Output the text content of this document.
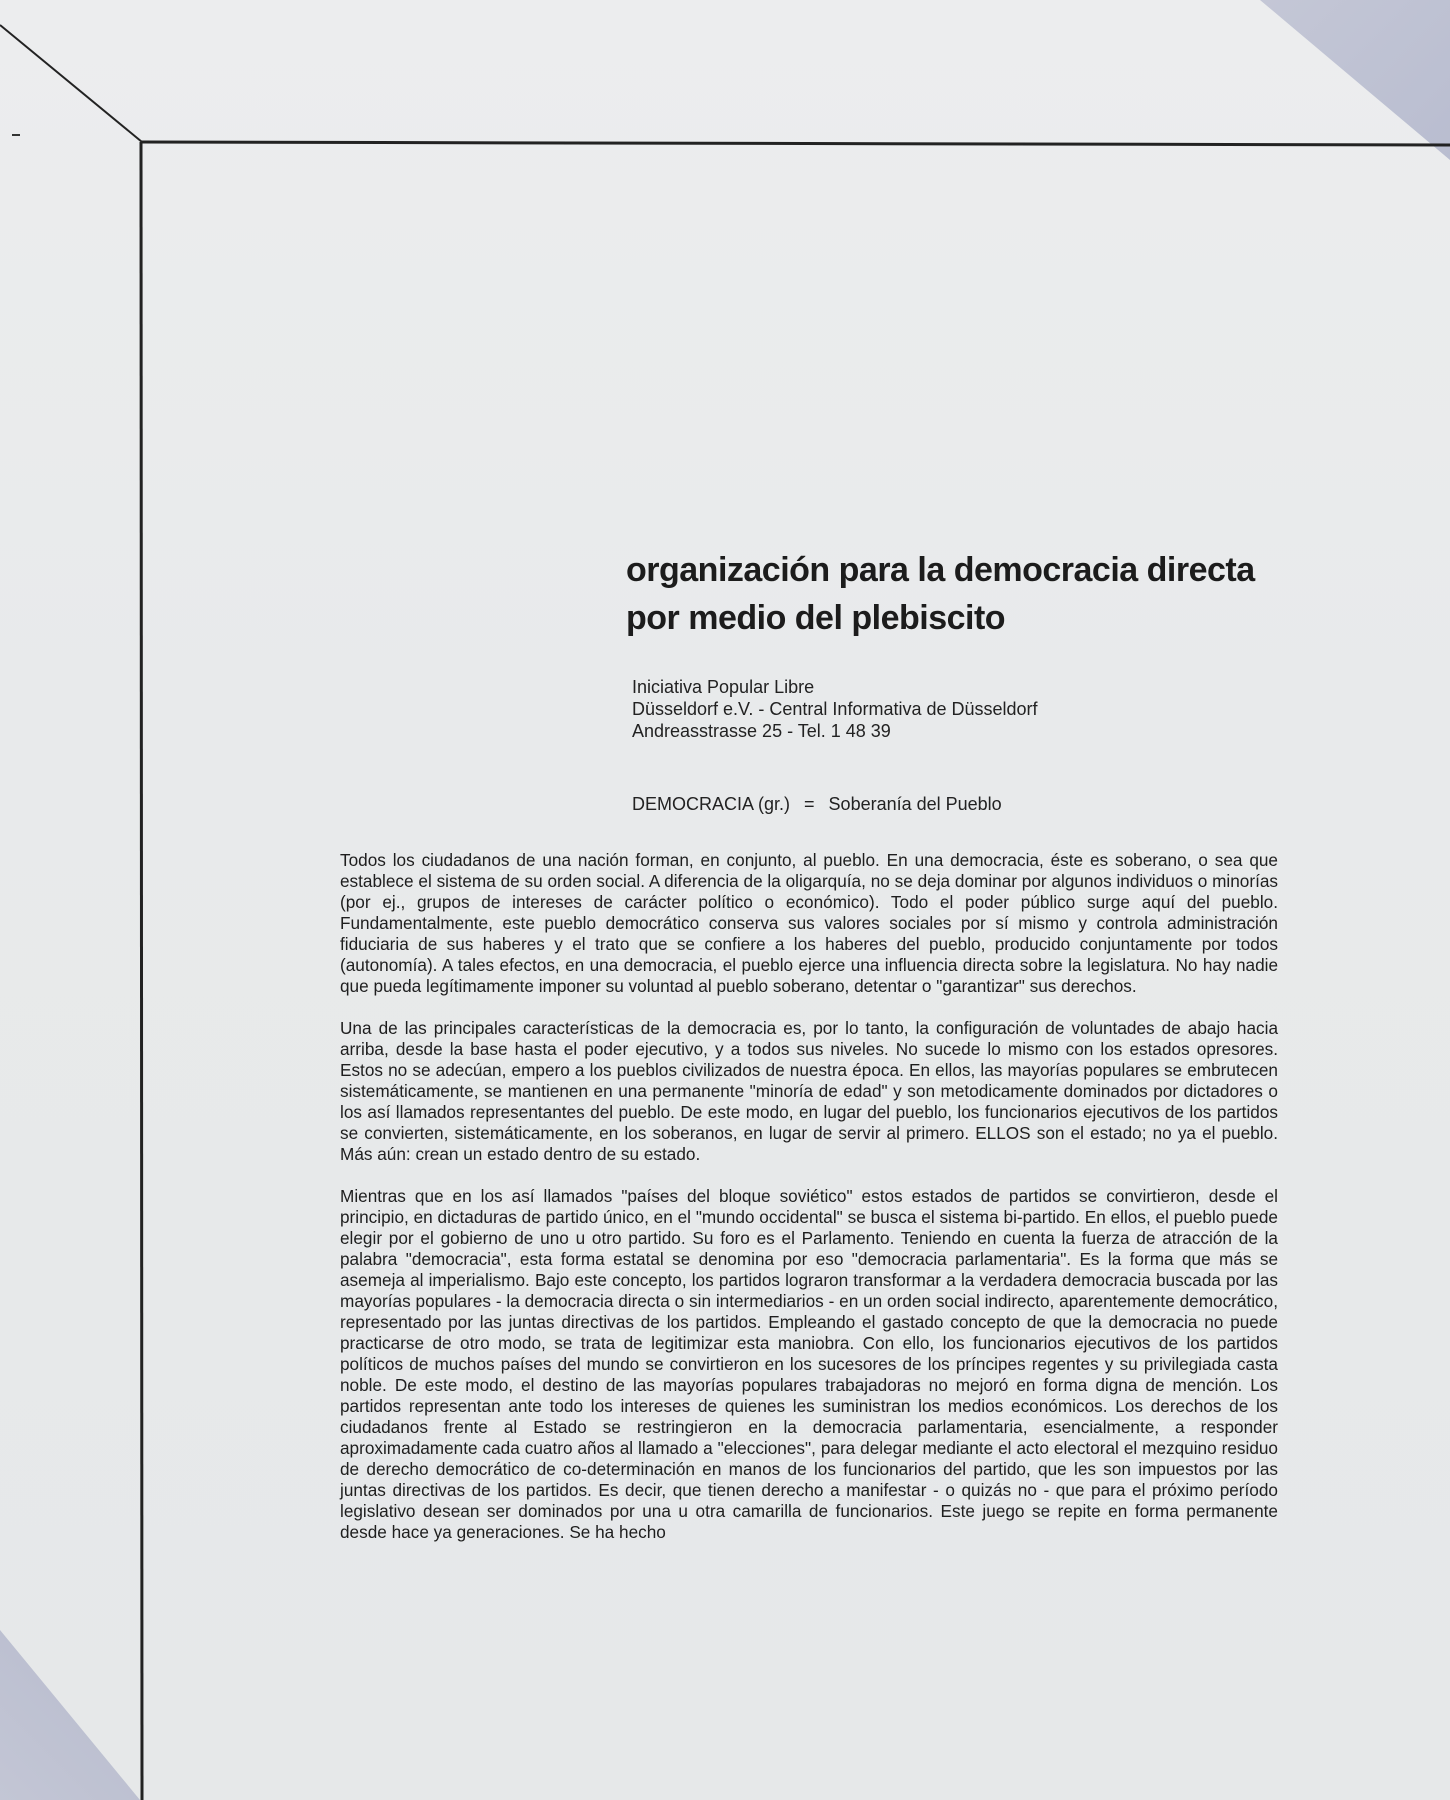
organización para la democracia directa
por medio del plebiscito
Iniciativa Popular Libre
Düsseldorf e.V. - Central Informativa de Düsseldorf
Andreasstrasse 25 - Tel. 1 48 39
DEMOCRACIA (gr.) = Soberanía del Pueblo

Todos los ciudadanos de una nación forman, en conjunto, al pueblo. En una democracia, éste es soberano, o sea que establece el sistema de su orden social. A diferencia de la oligarquía, no se deja dominar por algunos individuos o minorías (por ej., grupos de intereses de carácter político o económico). Todo el poder público surge aquí del pueblo. Fundamentalmente, este pueblo democrático conserva sus valores sociales por sí mismo y controla administración fiduciaria de sus haberes y el trato que se confiere a los haberes del pueblo, producido conjuntamente por todos (autonomía). A tales efectos, en una democracia, el pueblo ejerce una influencia directa sobre la legislatura. No hay nadie que pueda legítimamente imponer su voluntad al pueblo soberano, detentar o "garantizar" sus derechos.

Una de las principales características de la democracia es, por lo tanto, la configuración de voluntades de abajo hacia arriba, desde la base hasta el poder ejecutivo, y a todos sus niveles. No sucede lo mismo con los estados opresores. Estos no se adecúan, empero a los pueblos civilizados de nuestra época. En ellos, las mayorías populares se embrutecen sistemáticamente, se mantienen en una permanente "minoría de edad" y son metodicamente dominados por dictadores o los así llamados representantes del pueblo. De este modo, en lugar del pueblo, los funcionarios ejecutivos de los partidos se convierten, sistemáticamente, en los soberanos, en lugar de servir al primero. ELLOS son el estado; no ya el pueblo. Más aún: crean un estado dentro de su estado.

Mientras que en los así llamados "países del bloque soviético" estos estados de partidos se convirtieron, desde el principio, en dictaduras de partido único, en el "mundo occidental" se busca el sistema bi-partido. En ellos, el pueblo puede elegir por el gobierno de uno u otro partido. Su foro es el Parlamento. Teniendo en cuenta la fuerza de atracción de la palabra "democracia", esta forma estatal se denomina por eso "democracia parlamentaria". Es la forma que más se asemeja al imperialismo. Bajo este concepto, los partidos lograron transformar a la verdadera democracia buscada por las mayorías populares - la democracia directa o sin intermediarios - en un orden social indirecto, aparentemente democrático, representado por las juntas directivas de los partidos. Empleando el gastado concepto de que la democracia no puede practicarse de otro modo, se trata de legitimizar esta maniobra. Con ello, los funcionarios ejecutivos de los partidos políticos de muchos países del mundo se convirtieron en los sucesores de los príncipes regentes y su privilegiada casta noble. De este modo, el destino de las mayorías populares trabajadoras no mejoró en forma digna de mención. Los partidos representan ante todo los intereses de quienes les suministran los medios económicos. Los derechos de los ciudadanos frente al Estado se restringieron en la democracia parlamentaria, esencialmente, a responder aproximadamente cada cuatro años al llamado a "elecciones", para delegar mediante el acto electoral el mezquino residuo de derecho democrático de co-determinación en manos de los funcionarios del partido, que les son impuestos por las juntas directivas de los partidos. Es decir, que tienen derecho a manifestar - o quizás no - que para el próximo período legislativo desean ser dominados por una u otra camarilla de funcionarios. Este juego se repite en forma permanente desde hace ya generaciones. Se ha hecho
